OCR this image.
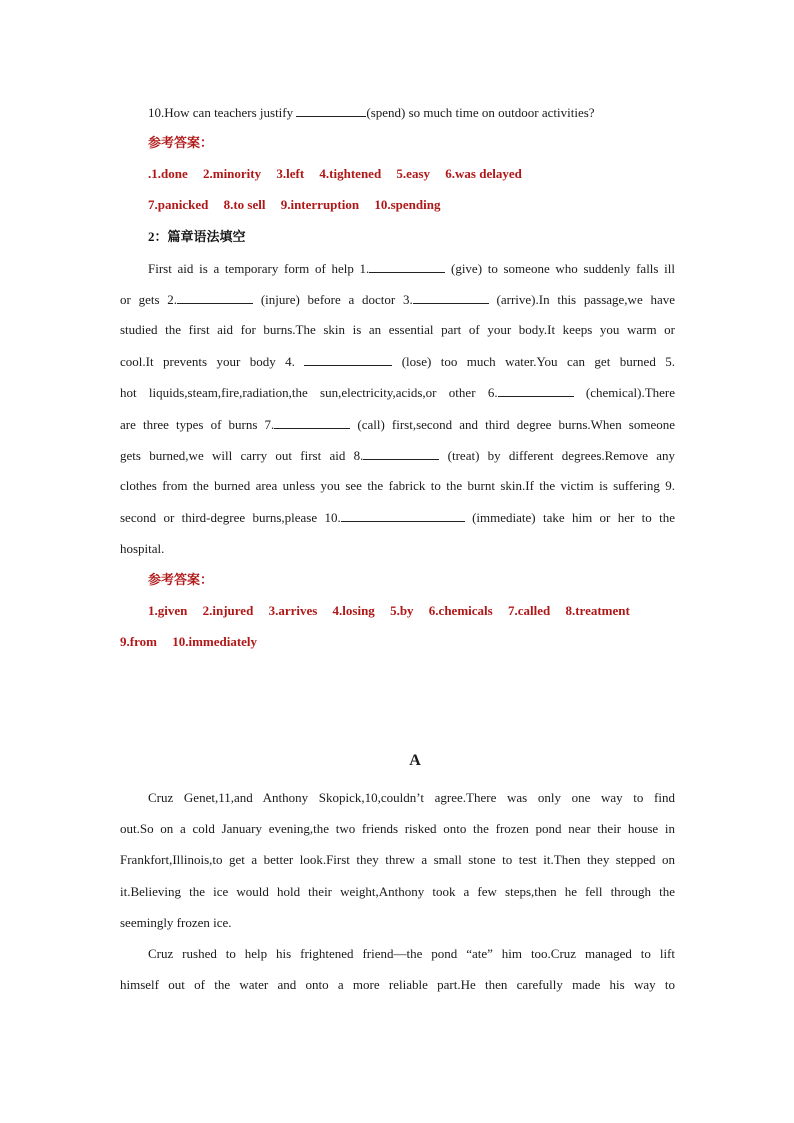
10.How can teachers justify	(spend) so much time on outdoor activities?
参考答案：
.1.done 2.minority 3.left 4.tightened 5.easy 6.was delayed
7.panicked 8.to sell 9.interruption 10.spending
2：篇章语法填空
First aid is a temporary form of help 1.	(give) to someone who suddenly falls ill
or gets 2.	(injure) before a doctor 3.	(arrive).In this passage,we have
studied the first aid for burns.The skin is an essential part of your body.It keeps you warm or
cool.It prevents your body 4.	(lose) too much water.You can get burned 5.
hot liquids,steam,fire,radiation,the sun,electricity,acids,or other 6.	(chemical).There
are three types of burns 7.	(call) first,second and third degree burns.When someone
gets burned,we will carry out first aid 8.	(treat) by different degrees.Remove any
clothes from the burned area unless you see the fabrick to the burnt skin.If the victim is suffering 9.
second or third-degree burns,please 10.	(immediate) take him or her to the
hospital.
参考答案：
1.given 2.injured 3.arrives 4.losing 5.by 6.chemicals 7.called 8.treatment
9.from 10.immediately
A
Cruz Genet,11,and Anthony Skopick,10,couldn’t agree.There was only one way to find
out.So on a cold January evening,the two friends risked onto the frozen pond near their house in
Frankfort,Illinois,to get a better look.First they threw a small stone to test it.Then they stepped on
it.Believing the ice would hold their weight,Anthony took a few steps,then he fell through the
seemingly frozen ice.
Cruz rushed to help his frightened friend—the pond “ate” him too.Cruz managed to lift
himself out of the water and onto a more reliable part.He then carefully made his way to
